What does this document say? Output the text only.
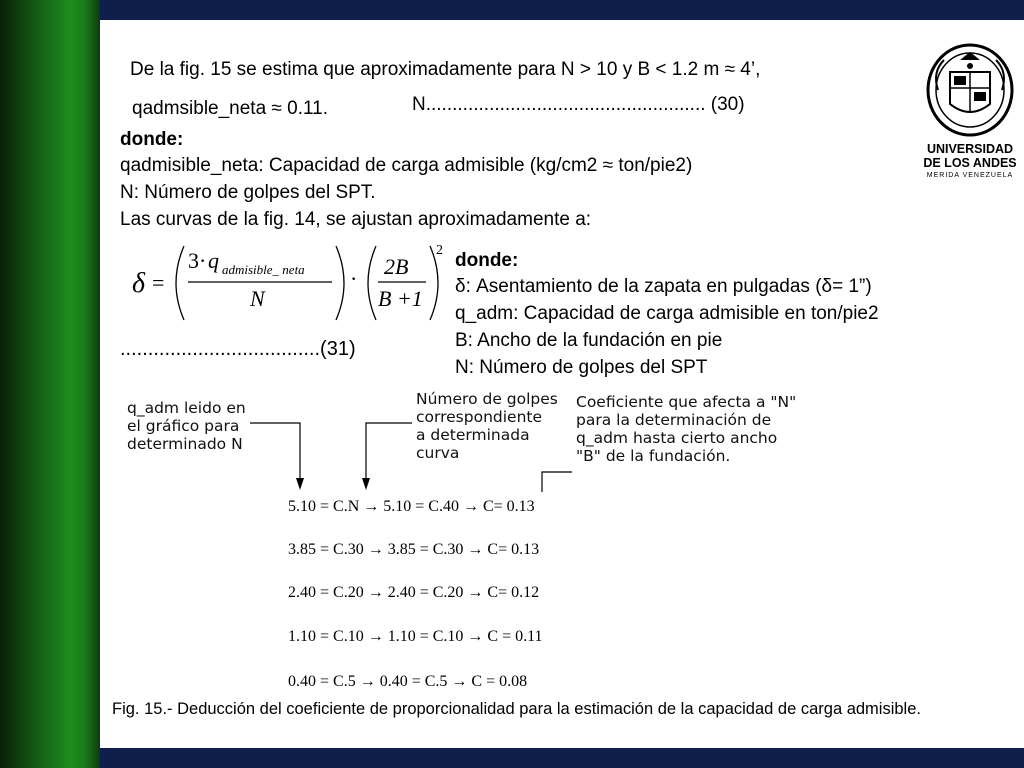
De la fig. 15 se estima que aproximadamente para N > 10 y B < 1.2 m ≈ 4’,
qadmsible_neta ≈ 0.11.	N..................................................... (30)
donde:
qadmisible_neta: Capacidad de carga admisible (kg/cm2 ≈ ton/pie2)
N: Número de golpes del SPT.
Las curvas de la fig. 14, se ajustan aproximadamente a:
δ =
3· q admisible_ neta
N
· 2B
B +1
2
....................................(31)
donde:
δ: Asentamiento de la zapata en pulgadas (δ= 1”)
q_adm: Capacidad de carga admisible en ton/pie2
B: Ancho de la fundación en pie
N: Número de golpes del SPT
q_adm leido en
el gráfico para
determinado N
Número de golpes
correspondiente
a determinada
curva
Coeficiente que afecta a "N"
para la determinación de
q_adm hasta cierto ancho
"B" de la fundación.
5.10 = C.N → 5.10 = C.40 → C= 0.13
3.85 = C.30 → 3.85 = C.30 → C= 0.13
2.40 = C.20 → 2.40 = C.20 → C= 0.12
1.10 = C.10 → 1.10 = C.10 → C = 0.11
0.40 = C.5 → 0.40 = C.5 → C = 0.08
Fig. 15.- Deducción del coeficiente de proporcionalidad para la estimación de la capacidad de carga admisible.
UNIVERSIDAD
DE LOS ANDES
MERIDA VENEZUELA
